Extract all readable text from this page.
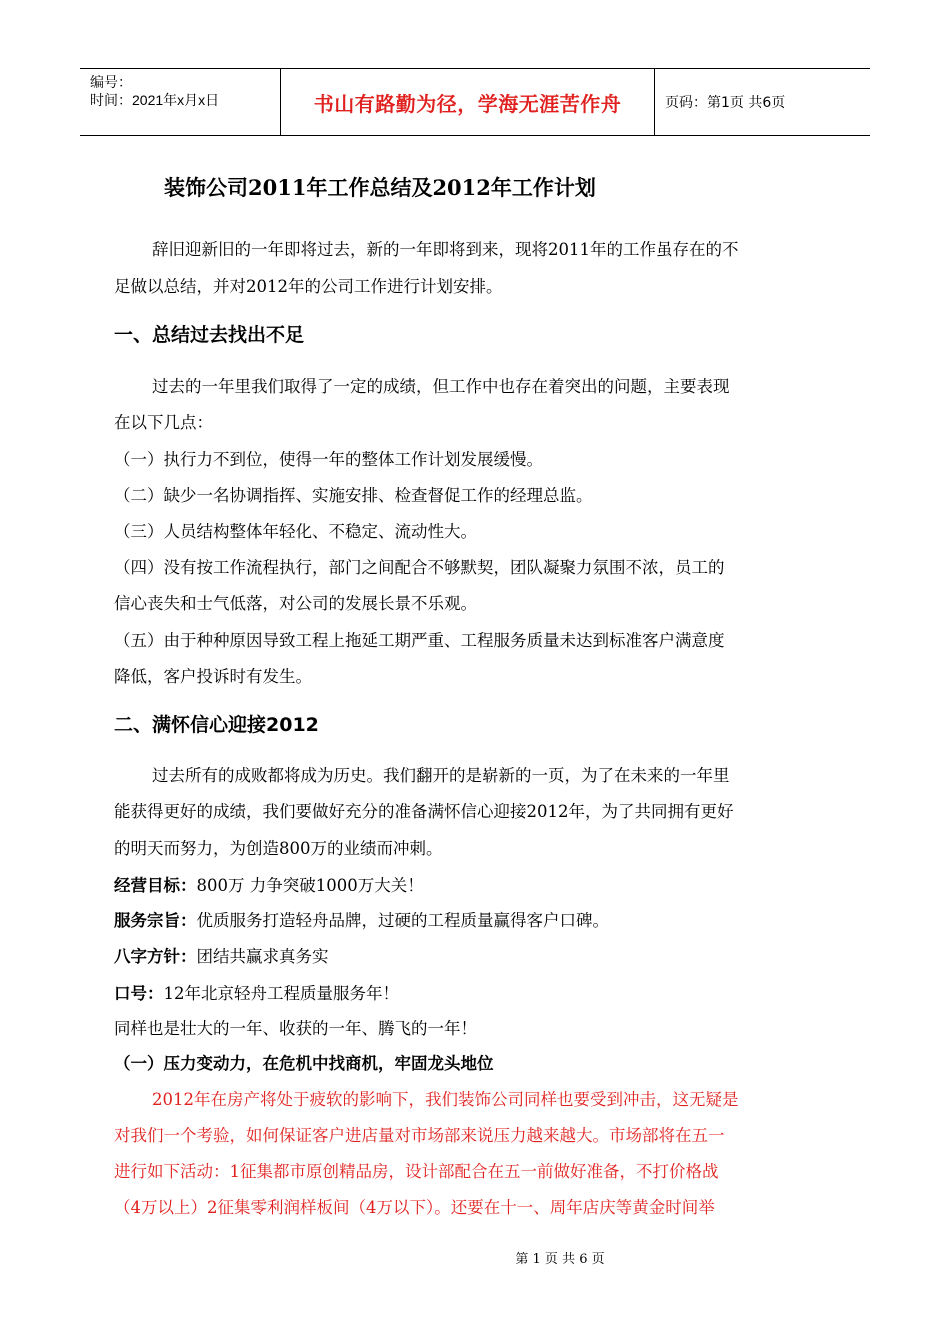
编号：
时间：2021年x月x日	书山有路勤为径，学海无涯苦作舟	页码：第1页 共6页
装饰公司2011年工作总结及2012年工作计划
辞旧迎新旧的一年即将过去，新的一年即将到来，现将2011年的工作虽存在的不
足做以总结，并对2012年的公司工作进行计划安排。
一、总结过去找出不足
过去的一年里我们取得了一定的成绩，但工作中也存在着突出的问题，主要表现
在以下几点：
（一）执行力不到位，使得一年的整体工作计划发展缓慢。
（二）缺少一名协调指挥、实施安排、检查督促工作的经理总监。
（三）人员结构整体年轻化、不稳定、流动性大。
（四）没有按工作流程执行，部门之间配合不够默契，团队凝聚力氛围不浓，员工的
信心丧失和士气低落，对公司的发展长景不乐观。
（五）由于种种原因导致工程上拖延工期严重、工程服务质量未达到标准客户满意度
降低，客户投诉时有发生。
二、满怀信心迎接2012
过去所有的成败都将成为历史。我们翻开的是崭新的一页，为了在未来的一年里
能获得更好的成绩，我们要做好充分的准备满怀信心迎接2012年，为了共同拥有更好
的明天而努力，为创造800万的业绩而冲刺。
经营目标：800万 力争突破1000万大关！
服务宗旨：优质服务打造轻舟品牌，过硬的工程质量赢得客户口碑。
八字方针：团结共赢求真务实
口号：12年北京轻舟工程质量服务年！
同样也是壮大的一年、收获的一年、腾飞的一年！
（一）压力变动力，在危机中找商机，牢固龙头地位
2012年在房产将处于疲软的影响下，我们装饰公司同样也要受到冲击，这无疑是
对我们一个考验，如何保证客户进店量对市场部来说压力越来越大。市场部将在五一
进行如下活动：1征集都市原创精品房，设计部配合在五一前做好准备，不打价格战
（4万以上）2征集零利润样板间（4万以下）。还要在十一、周年店庆等黄金时间举
第 1 页 共 6 页
